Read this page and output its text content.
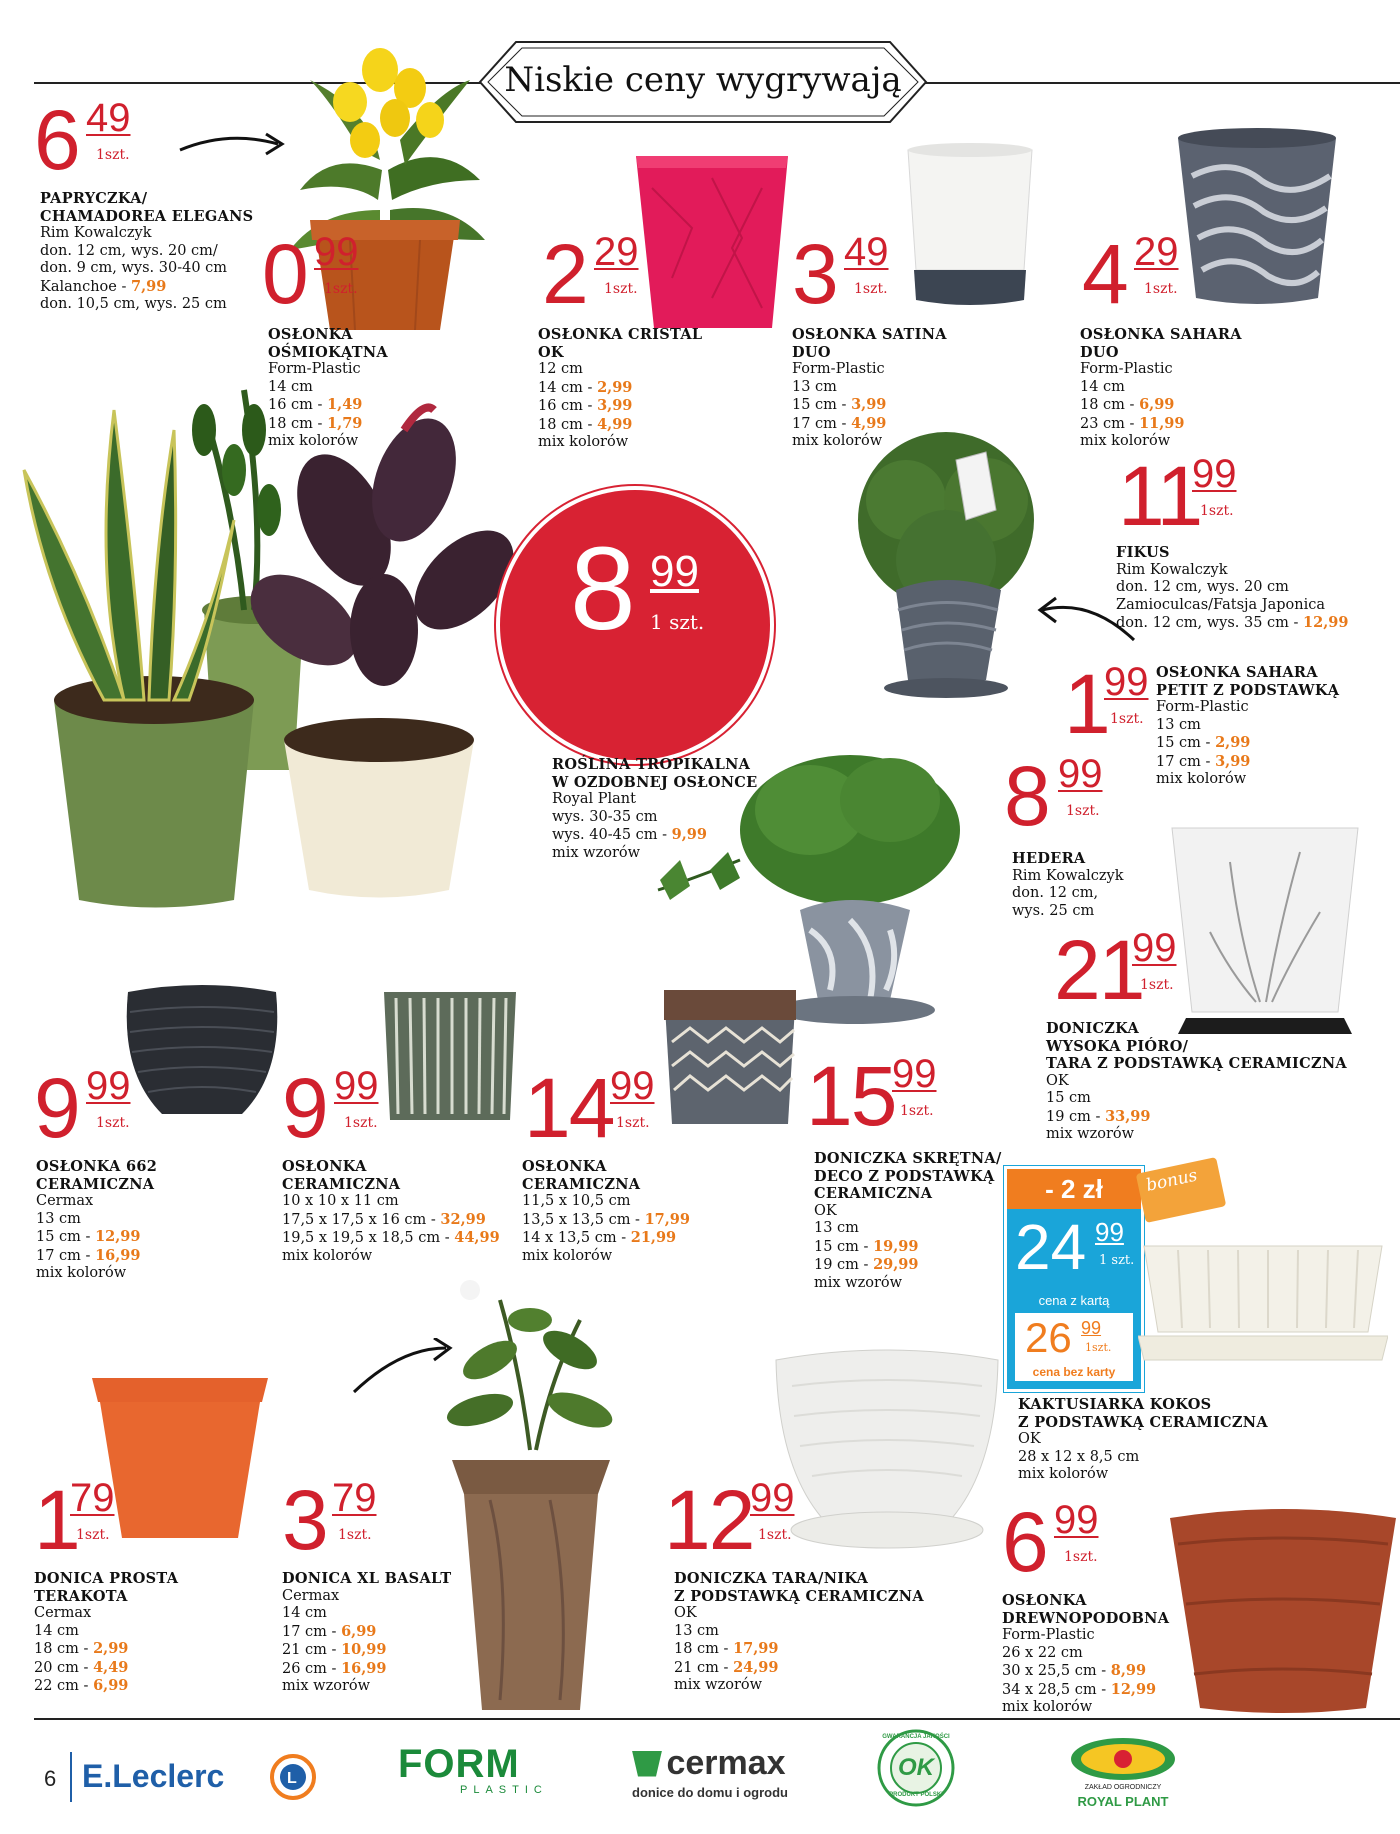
Niskie ceny wygrywają
6 49
1szt.
PAPRYCZKA/
CHAMADOREA ELEGANS
Rim Kowalczyk
don. 12 cm, wys. 20 cm/
don. 9 cm, wys. 30-40 cm
Kalanchoe - 7,99
don. 10,5 cm, wys. 25 cm 0 99
1szt.
OSŁONKA
OŚMIOKĄTNA
Form-Plastic
14 cm
16 cm - 1,49
18 cm - 1,79
mix kolorów
2 29
1szt.
OSŁONKA CRISTAL
OK
12 cm
14 cm - 2,99
16 cm - 3,99
18 cm - 4,99
mix kolorów
3 49
1szt.
OSŁONKA SATINA
DUO
Form-Plastic
13 cm
15 cm - 3,99
17 cm - 4,99
mix kolorów
4 29
1szt.
OSŁONKA SAHARA
DUO
Form-Plastic
14 cm
18 cm - 6,99
23 cm - 11,99
mix kolorów
8 99
1 szt.
ROŚLINA TROPIKALNA
W OZDOBNEJ OSŁONCE
Royal Plant
wys. 30-35 cm
wys. 40-45 cm - 9,99
mix wzorów
11
99
1szt.
FIKUS
Rim Kowalczyk
don. 12 cm, wys. 20 cm
Zamioculcas/Fatsja Japonica
don. 12 cm, wys. 35 cm - 12,99
1
99
1szt.
OSŁONKA SAHARA
PETIT Z PODSTAWKĄ
Form-Plastic
13 cm
15 cm - 2,99
17 cm - 3,99
mix kolorów
8 99
1szt.
HEDERA
Rim Kowalczyk
don. 12 cm,
wys. 25 cm
21
99
1szt.
DONICZKA
WYSOKA PIÓRO/
TARA Z PODSTAWKĄ CERAMICZNA
OK
15 cm
19 cm - 33,99
mix wzorów
9 99
1szt.
OSŁONKA 662
CERAMICZNA
Cermax
13 cm
15 cm - 12,99
17 cm - 16,99
mix kolorów
9 99
1szt.
OSŁONKA
CERAMICZNA
10 x 10 x 11 cm
17,5 x 17,5 x 16 cm - 32,99
19,5 x 19,5 x 18,5 cm - 44,99
mix kolorów
14
99
1szt.
OSŁONKA
CERAMICZNA
11,5 x 10,5 cm
13,5 x 13,5 cm - 17,99
14 x 13,5 cm - 21,99
mix kolorów
15
99
1szt.
DONICZKA SKRĘTNA/
DECO Z PODSTAWKĄ
CERAMICZNA
OK
13 cm
15 cm - 19,99
19 cm - 29,99
mix wzorów
- 2 zł
24 99
1 szt.
cena z kartą
26 99
1szt.
cena bez karty
bonus
KAKTUSIARKA KOKOS
Z PODSTAWKĄ CERAMICZNA
OK
28 x 12 x 8,5 cm
mix kolorów
1
79
1szt.
DONICA PROSTA
TERAKOTA
Cermax
14 cm
18 cm - 2,99
20 cm - 4,49
22 cm - 6,99
3 79
1szt.
DONICA XL BASALT
Cermax
14 cm
17 cm - 6,99
21 cm - 10,99
26 cm - 16,99
mix wzorów
12
99
1szt.
DONICZKA TARA/NIKA
Z PODSTAWKĄ CERAMICZNA
OK
13 cm
18 cm - 17,99
21 cm - 24,99
mix wzorów
6 99
1szt.
OSŁONKA
DREWNOPODOBNA
Form-Plastic
26 x 22 cm
30 x 25,5 cm - 8,99
34 x 28,5 cm - 12,99
mix kolorów
6 E.Leclerc	L	FORM
PLASTIC
cermax
donice do domu i ogrodu
GWARANCJA JAKOŚCI
OK
PRODUKT POLSKI
ZAKŁAD OGRODNICZY
ROYAL PLANT
